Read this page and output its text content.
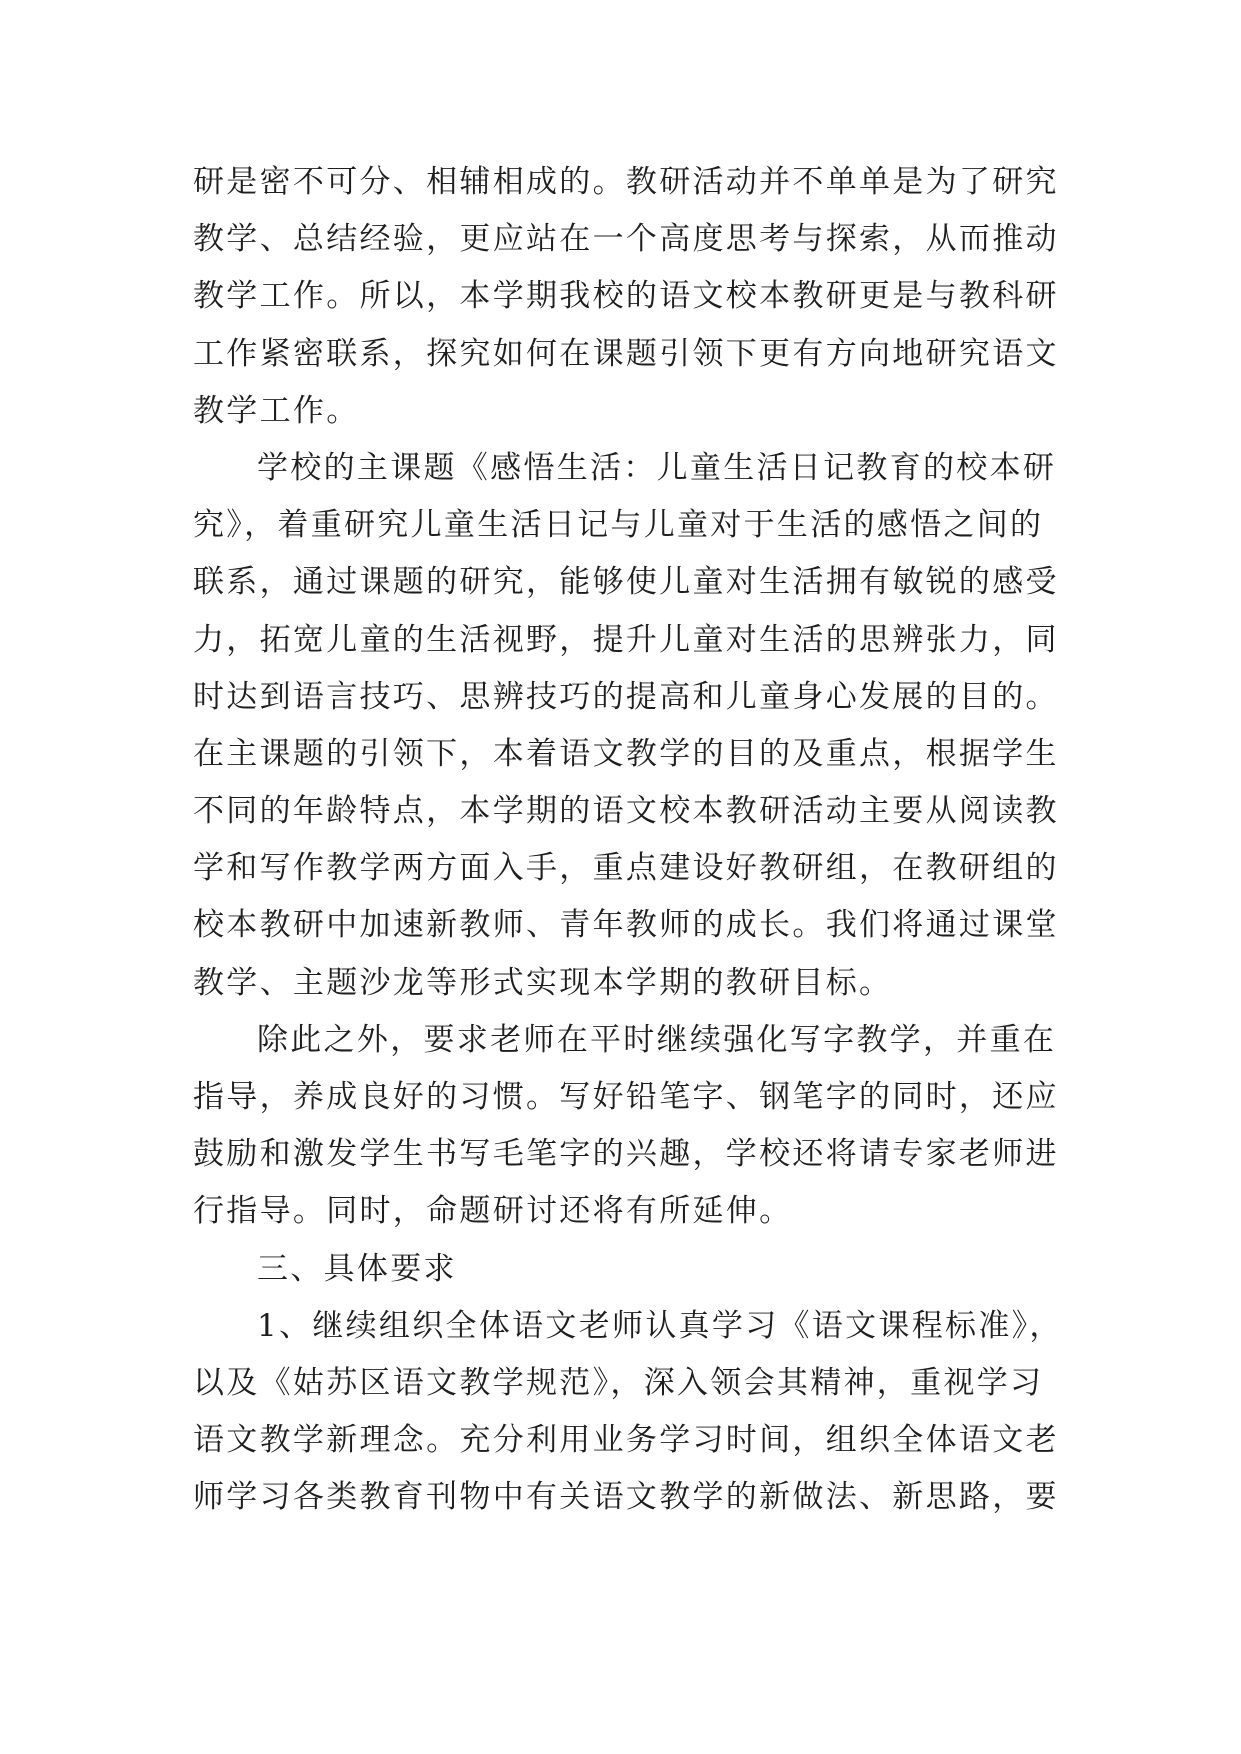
研是密不可分、相辅相成的。教研活动并不单单是为了研究
教学、总结经验，更应站在一个高度思考与探索，从而推动
教学工作。所以，本学期我校的语文校本教研更是与教科研
工作紧密联系，探究如何在课题引领下更有方向地研究语文
教学工作。
学校的主课题《感悟生活：儿童生活日记教育的校本研
究》，着重研究儿童生活日记与儿童对于生活的感悟之间的
联系，通过课题的研究，能够使儿童对生活拥有敏锐的感受
力，拓宽儿童的生活视野，提升儿童对生活的思辨张力，同
时达到语言技巧、思辨技巧的提高和儿童身心发展的目的。
在主课题的引领下，本着语文教学的目的及重点，根据学生
不同的年龄特点，本学期的语文校本教研活动主要从阅读教
学和写作教学两方面入手，重点建设好教研组，在教研组的
校本教研中加速新教师、青年教师的成长。我们将通过课堂
教学、主题沙龙等形式实现本学期的教研目标。
除此之外，要求老师在平时继续强化写字教学，并重在
指导，养成良好的习惯。写好铅笔字、钢笔字的同时，还应
鼓励和激发学生书写毛笔字的兴趣，学校还将请专家老师进
行指导。同时，命题研讨还将有所延伸。
三、具体要求
1、继续组织全体语文老师认真学习《语文课程标准》，
以及《姑苏区语文教学规范》，深入领会其精神，重视学习
语文教学新理念。充分利用业务学习时间，组织全体语文老
师学习各类教育刊物中有关语文教学的新做法、新思路，要
